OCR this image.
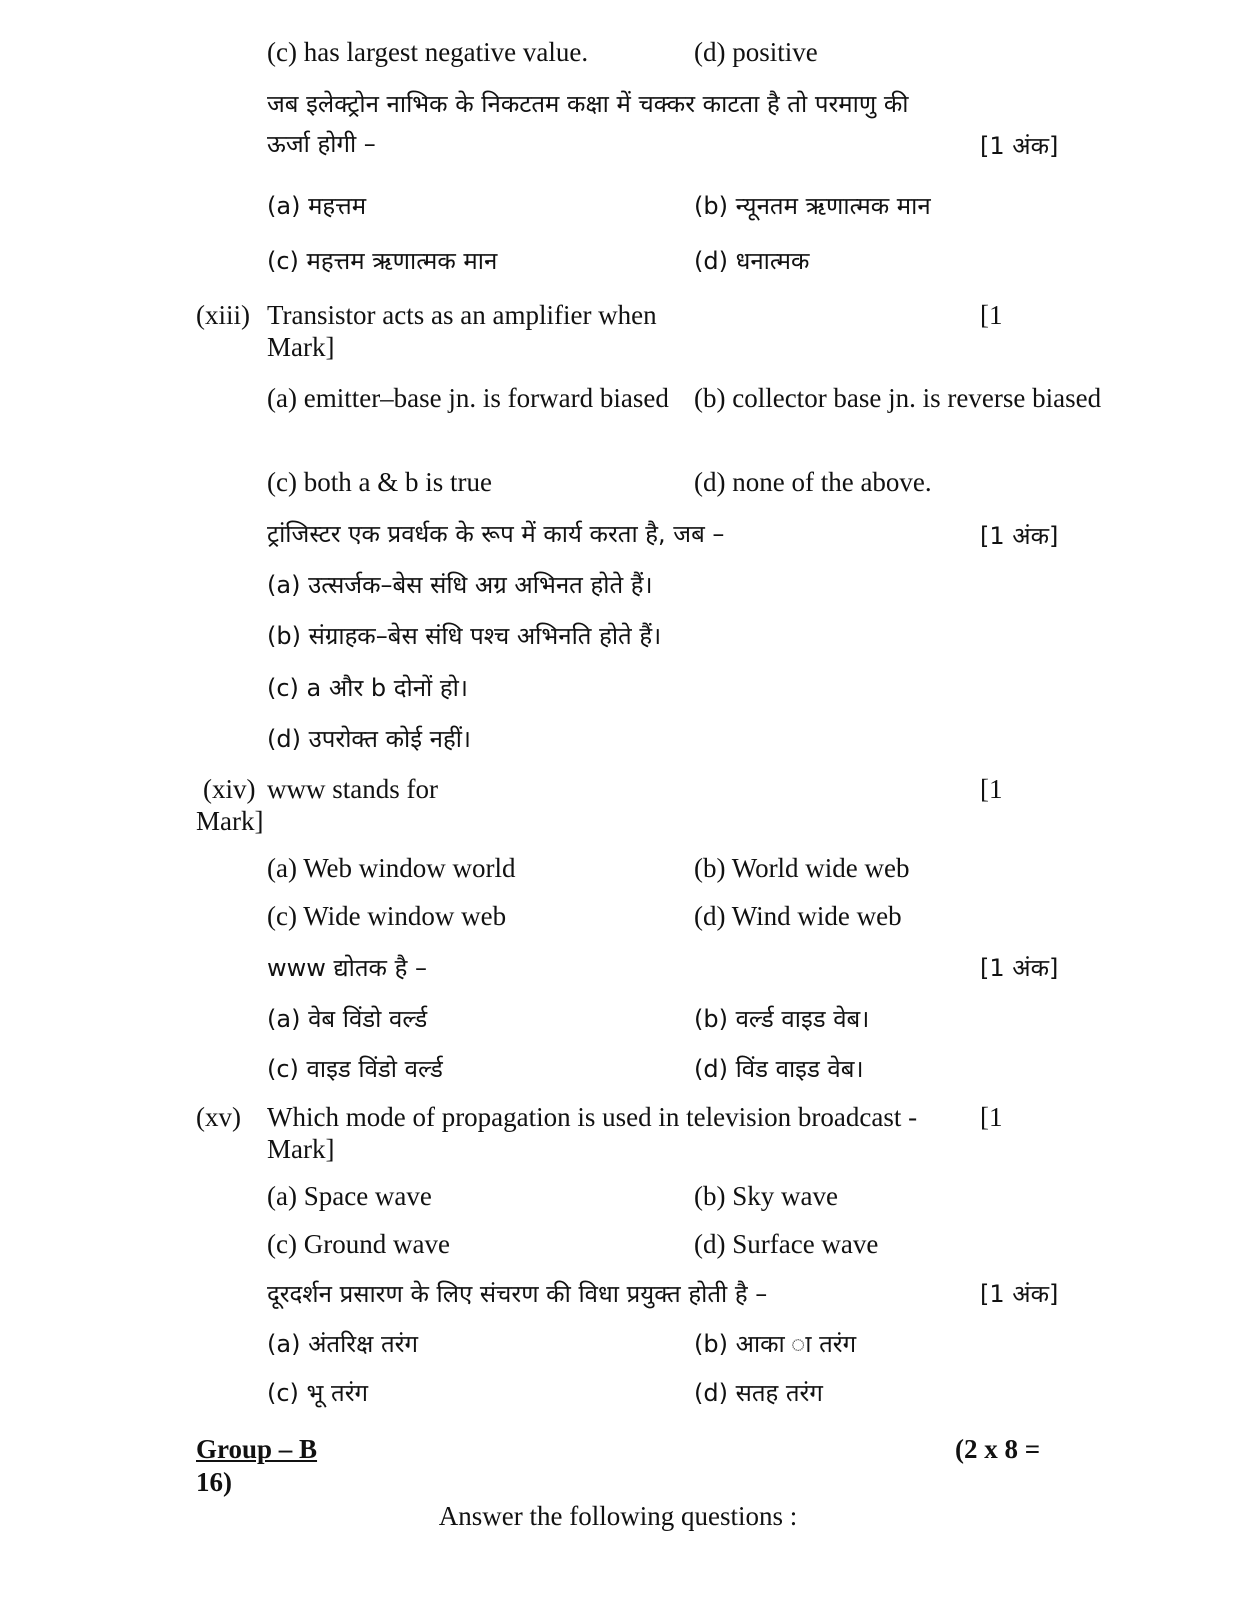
(c) has largest negative value.	(d) positive
जब इलेक्ट्रोन नाभिक के निकटतम कक्षा में चक्कर काटता है तो परमाणु की
ऊर्जा होगी –	[1 अंक]
(a) महत्तम	(b) न्यूनतम ऋणात्मक मान
(c) महत्तम ऋणात्मक मान	(d) धनात्मक
(xiii) Transistor acts as an amplifier when	[1
Mark]
(a) emitter–base jn. is forward biased (b) collector base jn. is reverse biased
(c) both a & b is true	(d) none of the above.
ट्रांजिस्टर एक प्रवर्धक के रूप में कार्य करता है, जब –	[1 अंक]
(a) उत्सर्जक–बेस संधि अग्र अभिनत होते हैं।
(b) संग्राहक–बेस संधि पश्च अभिनति होते हैं।
(c) a और b दोनों हो।
(d) उपरोक्त कोई नहीं।
(xiv) www stands for	[1
Mark]
(a) Web window world	(b) World wide web
(c) Wide window web	(d) Wind wide web
www द्योतक है –	[1 अंक]
(a) वेब विंडो वर्ल्ड	(b) वर्ल्ड वाइड वेब।
(c) वाइड विंडो वर्ल्ड	(d) विंड वाइड वेब।
(xv) Which mode of propagation is used in television broadcast - [1
Mark]
(a) Space wave	(b) Sky wave
(c) Ground wave	(d) Surface wave
दूरदर्शन प्रसारण के लिए संचरण की विधा प्रयुक्त होती है –	[1 अंक]
(a) अंतरिक्ष तरंग	(b) आका ा तरंग
(c) भू तरंग	(d) सतह तरंग
Group – B	(2 x 8 =
16)
Answer the following questions :
